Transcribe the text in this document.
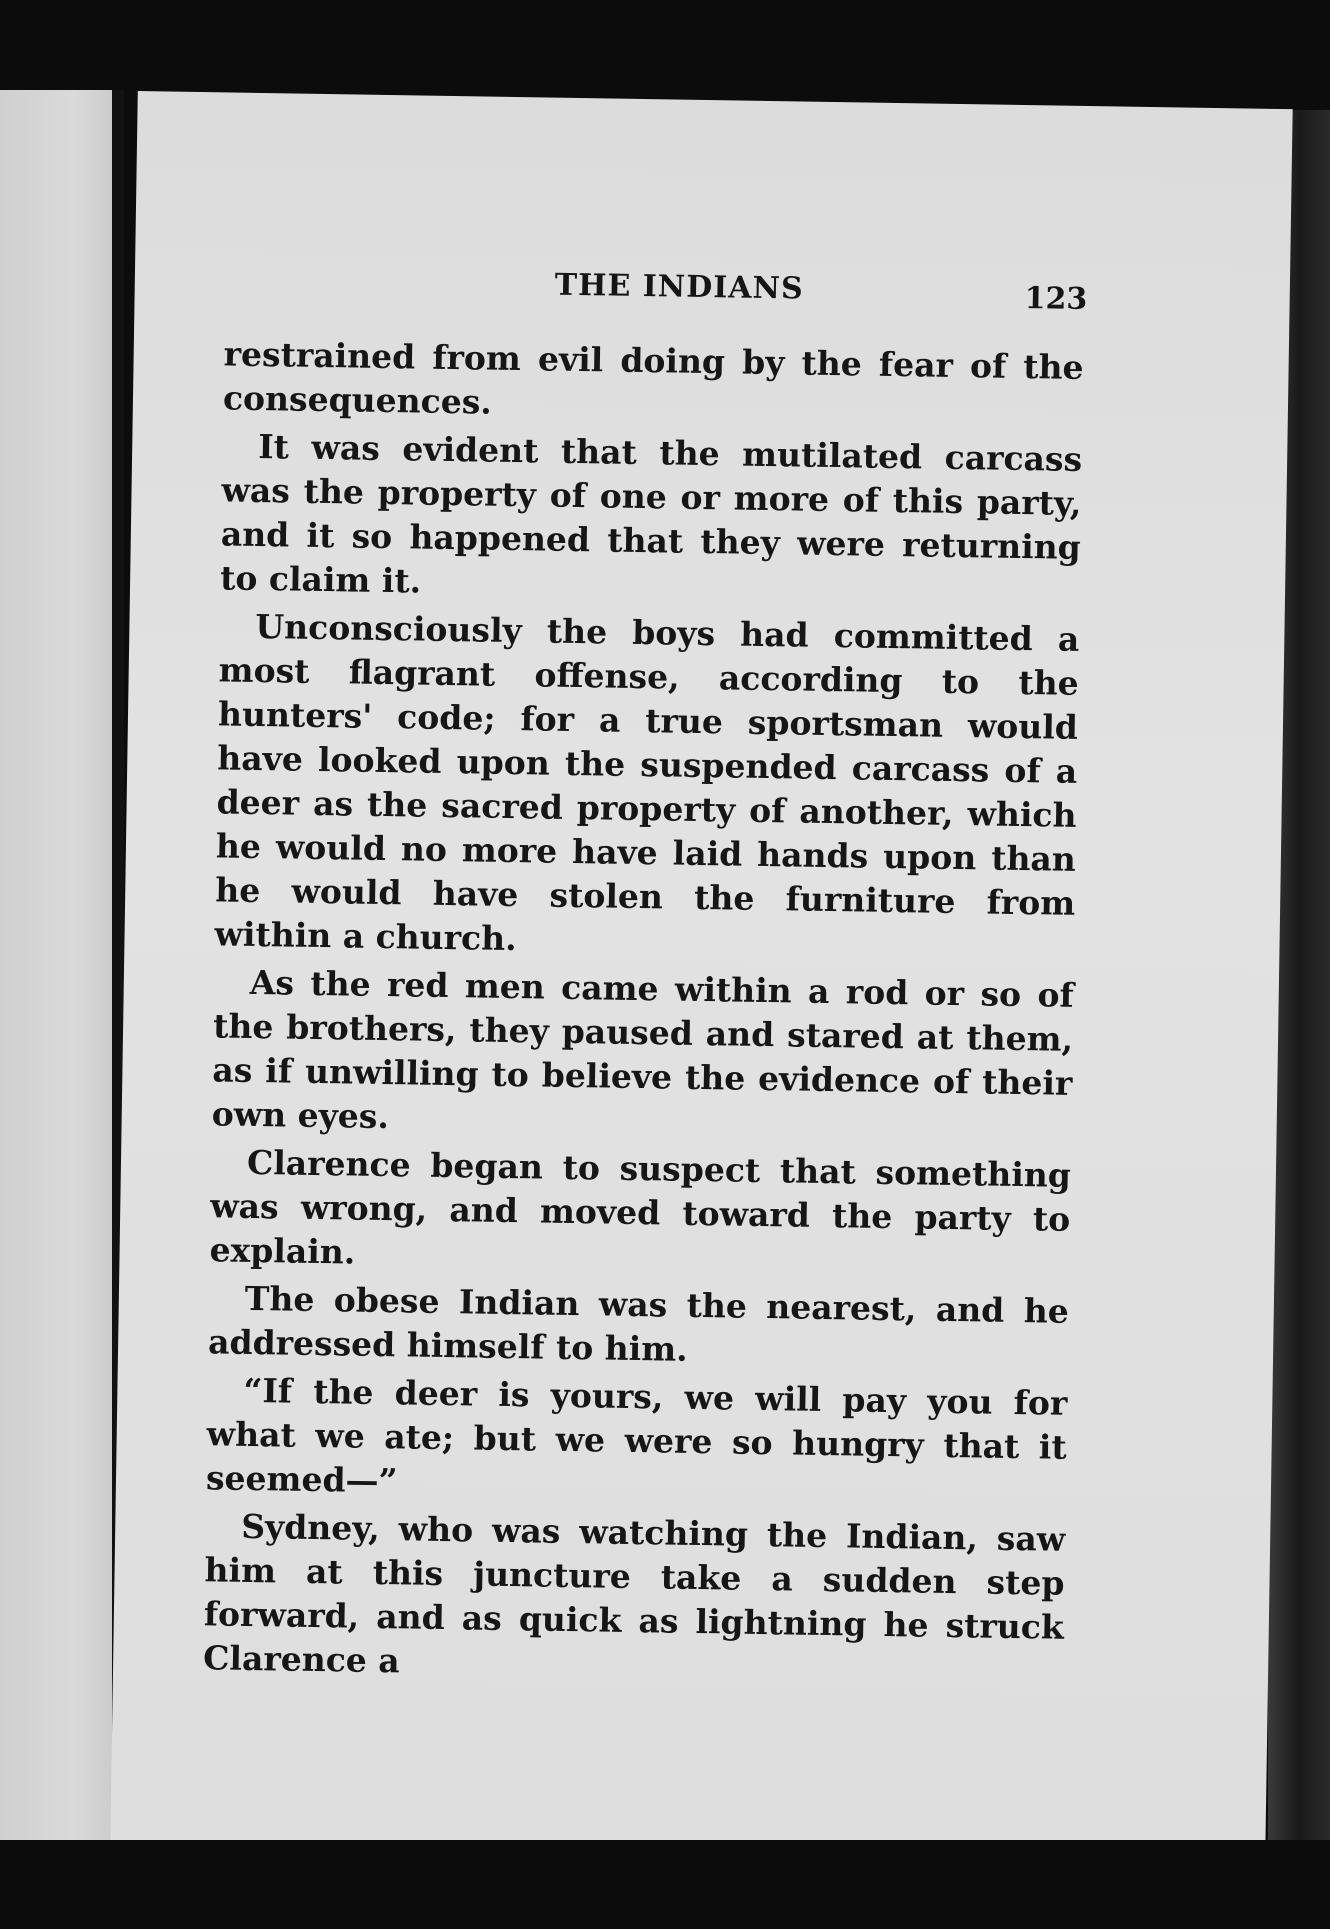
THE INDIANS	123

restrained from evil doing by the fear of the consequences.

It was evident that the mutilated carcass was the property of one or more of this party, and it so happened that they were returning to claim it.

Unconsciously the boys had committed a most flagrant offense, according to the hunters' code; for a true sportsman would have looked upon the suspended carcass of a deer as the sacred property of another, which he would no more have laid hands upon than he would have stolen the furniture from within a church.

As the red men came within a rod or so of the brothers, they paused and stared at them, as if unwilling to believe the evidence of their own eyes.

Clarence began to suspect that something was wrong, and moved toward the party to explain.

The obese Indian was the nearest, and he addressed himself to him.

“If the deer is yours, we will pay you for what we ate; but we were so hungry that it seemed—”

Sydney, who was watching the Indian, saw him at this juncture take a sudden step forward, and as quick as lightning he struck Clarence a
